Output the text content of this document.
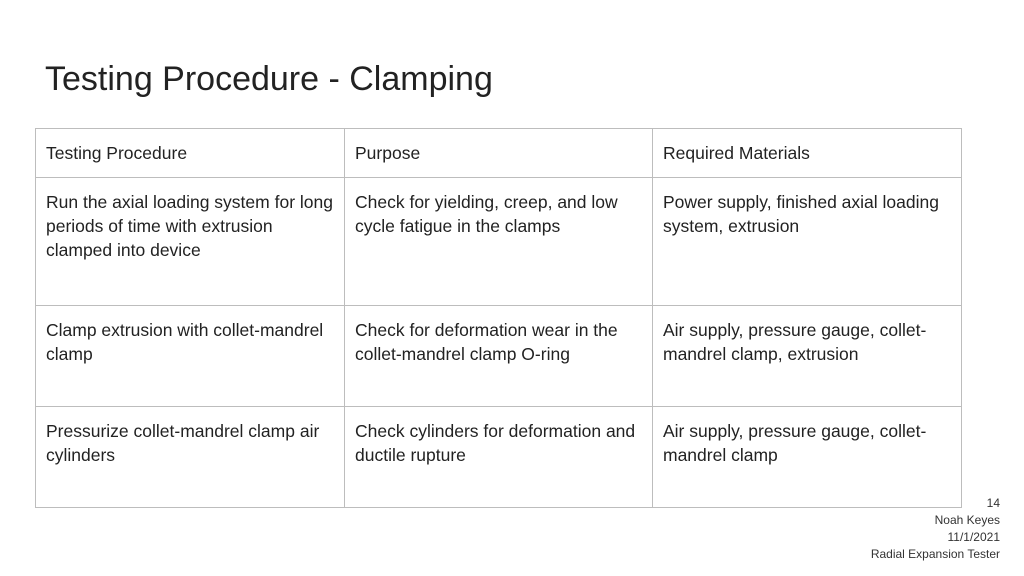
Testing Procedure - Clamping
Testing Procedure	Purpose	Required Materials
Run the axial loading system for long periods of time with extrusion clamped into device	Check for yielding, creep, and low cycle fatigue in the clamps	Power supply, finished axial loading system, extrusion
Clamp extrusion with collet-mandrel clamp	Check for deformation wear in the collet-mandrel clamp O-ring	Air supply, pressure gauge, collet-mandrel clamp, extrusion
Pressurize collet-mandrel clamp air cylinders	Check cylinders for deformation and ductile rupture	Air supply, pressure gauge, collet-mandrel clamp
14
Noah Keyes
11/1/2021
Radial Expansion Tester
